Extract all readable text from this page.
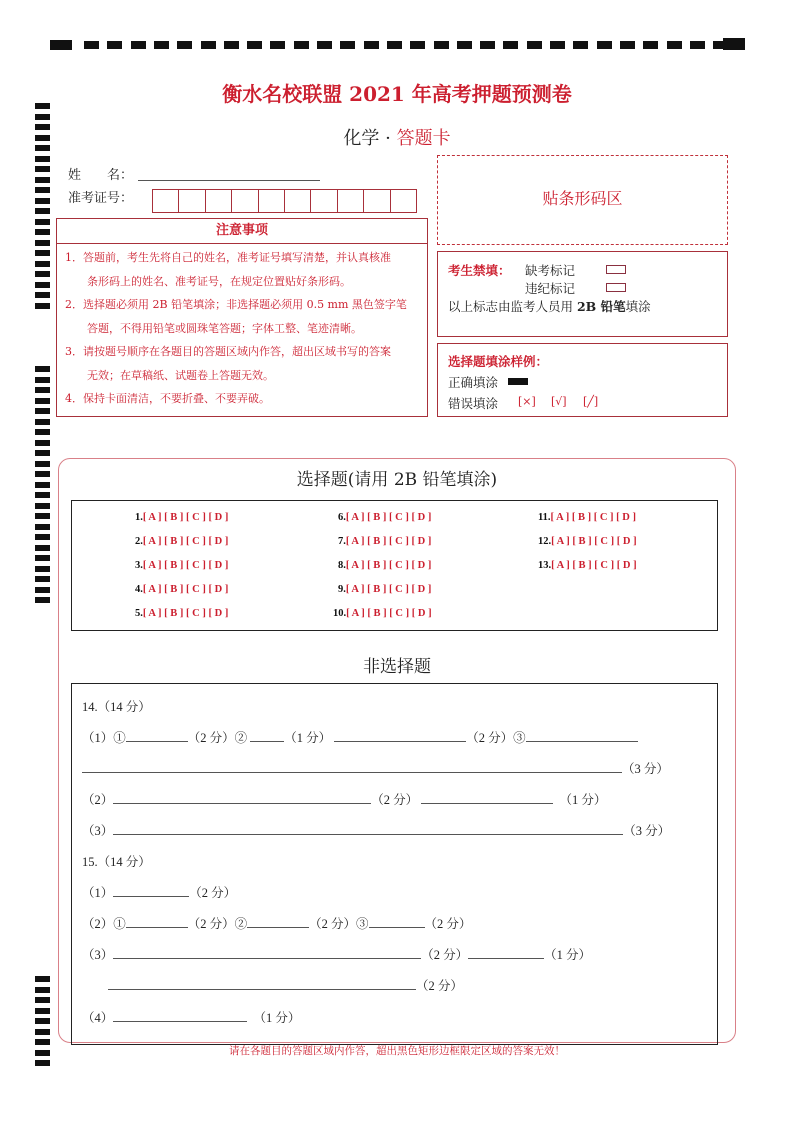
衡水名校联盟 2021 年高考押题预测卷
化学 · 答题卡
姓　　名：
准考证号：
注意事项

1．答题前，考生先将自己的姓名，准考证号填写清楚，并认真核准

条形码上的姓名、准考证号，在规定位置贴好条形码。

2．选择题必须用 2B 铅笔填涂；非选择题必须用 0.5 mm 黑色签字笔

答题，不得用铅笔或圆珠笔答题；字体工整、笔迹清晰。

3．请按题号顺序在各题目的答题区域内作答，超出区域书写的答案

无效；在草稿纸、试题卷上答题无效。

4．保持卡面清洁，不要折叠、不要弄破。

贴条形码区
考生禁填： 缺考标记
违纪标记
以上标志由监考人员用 2B 铅笔填涂
选择题填涂样例：
正确填涂
错误填涂 [×] [√] [╱]
选择题(请用 2B 铅笔填涂)
1.[ A ] [ B ] [ C ] [ D ]
2.[ A ] [ B ] [ C ] [ D ]
3.[ A ] [ B ] [ C ] [ D ]
4.[ A ] [ B ] [ C ] [ D ]
5.[ A ] [ B ] [ C ] [ D ]
6.[ A ] [ B ] [ C ] [ D ]
7.[ A ] [ B ] [ C ] [ D ]
8.[ A ] [ B ] [ C ] [ D ]
9.[ A ] [ B ] [ C ] [ D ]
10.[ A ] [ B ] [ C ] [ D ]
11.[ A ] [ B ] [ C ] [ D ]
12.[ A ] [ B ] [ C ] [ D ]
13.[ A ] [ B ] [ C ] [ D ]
非选择题
14.（14 分）
（1）①	（2 分）②	（1 分）	（2 分）③
（3 分）
（2）	（2 分） 　	（1 分）
（3）	（3 分）
15.（14 分）
（1）	（2 分）
（2）①	（2 分）②	（2 分）③	（2 分）
（3）	（2 分）	（1 分）
（2 分）
（4）　	（1 分）
请在各题目的答题区域内作答，超出黑色矩形边框限定区域的答案无效！
